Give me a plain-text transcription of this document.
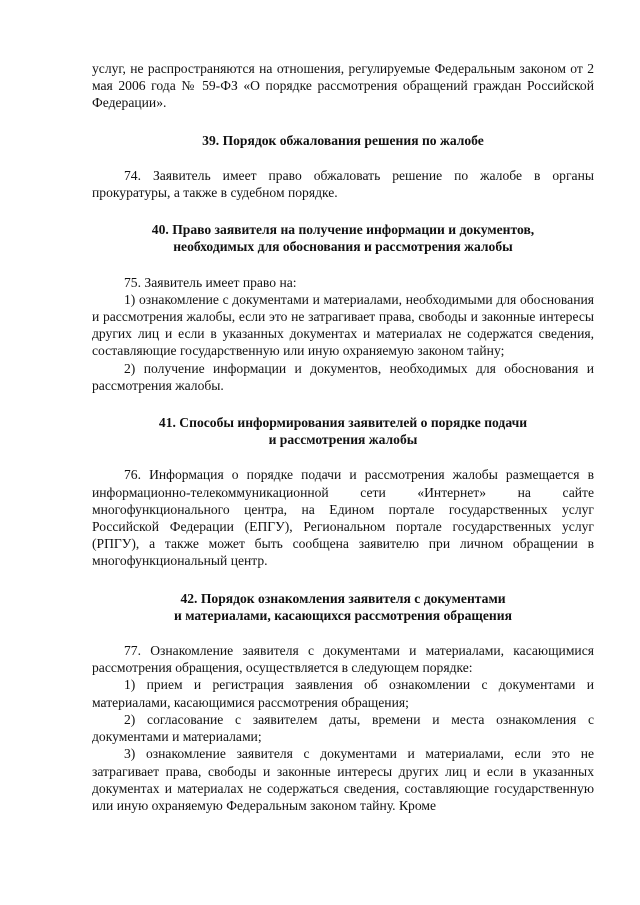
услуг, не распространяются на отношения, регулируемые Федеральным законом от 2 мая 2006 года № 59-ФЗ «О порядке рассмотрения обращений граждан Российской Федерации».

39. Порядок обжалования решения по жалобе

74. Заявитель имеет право обжаловать решение по жалобе в органы прокуратуры, а также в судебном порядке.

40. Право заявителя на получение информации и документов,
необходимых для обоснования и рассмотрения жалобы

75. Заявитель имеет право на:

1) ознакомление с документами и материалами, необходимыми для обоснования и рассмотрения жалобы, если это не затрагивает права, свободы и законные интересы других лиц и если в указанных документах и материалах не содержатся сведения, составляющие государственную или иную охраняемую законом тайну;

2) получение информации и документов, необходимых для обоснования и рассмотрения жалобы.

41. Способы информирования заявителей о порядке подачи
и рассмотрения жалобы

76. Информация о порядке подачи и рассмотрения жалобы размещается в информационно-телекоммуникационной сети «Интернет» на сайте многофункционального центра, на Едином портале государственных услуг Российской Федерации (ЕПГУ), Региональном портале государственных услуг (РПГУ), а также может быть сообщена заявителю при личном обращении в многофункциональный центр.

42. Порядок ознакомления заявителя с документами
и материалами, касающихся рассмотрения обращения

77. Ознакомление заявителя с документами и материалами, касающимися рассмотрения обращения, осуществляется в следующем порядке:

1) прием и регистрация заявления об ознакомлении с документами и материалами, касающимися рассмотрения обращения;

2) согласование с заявителем даты, времени и места ознакомления с документами и материалами;

3) ознакомление заявителя с документами и материалами, если это не затрагивает права, свободы и законные интересы других лиц и если в указанных документах и материалах не содержаться сведения, составляющие государственную или иную охраняемую Федеральным законом тайну. Кроме
